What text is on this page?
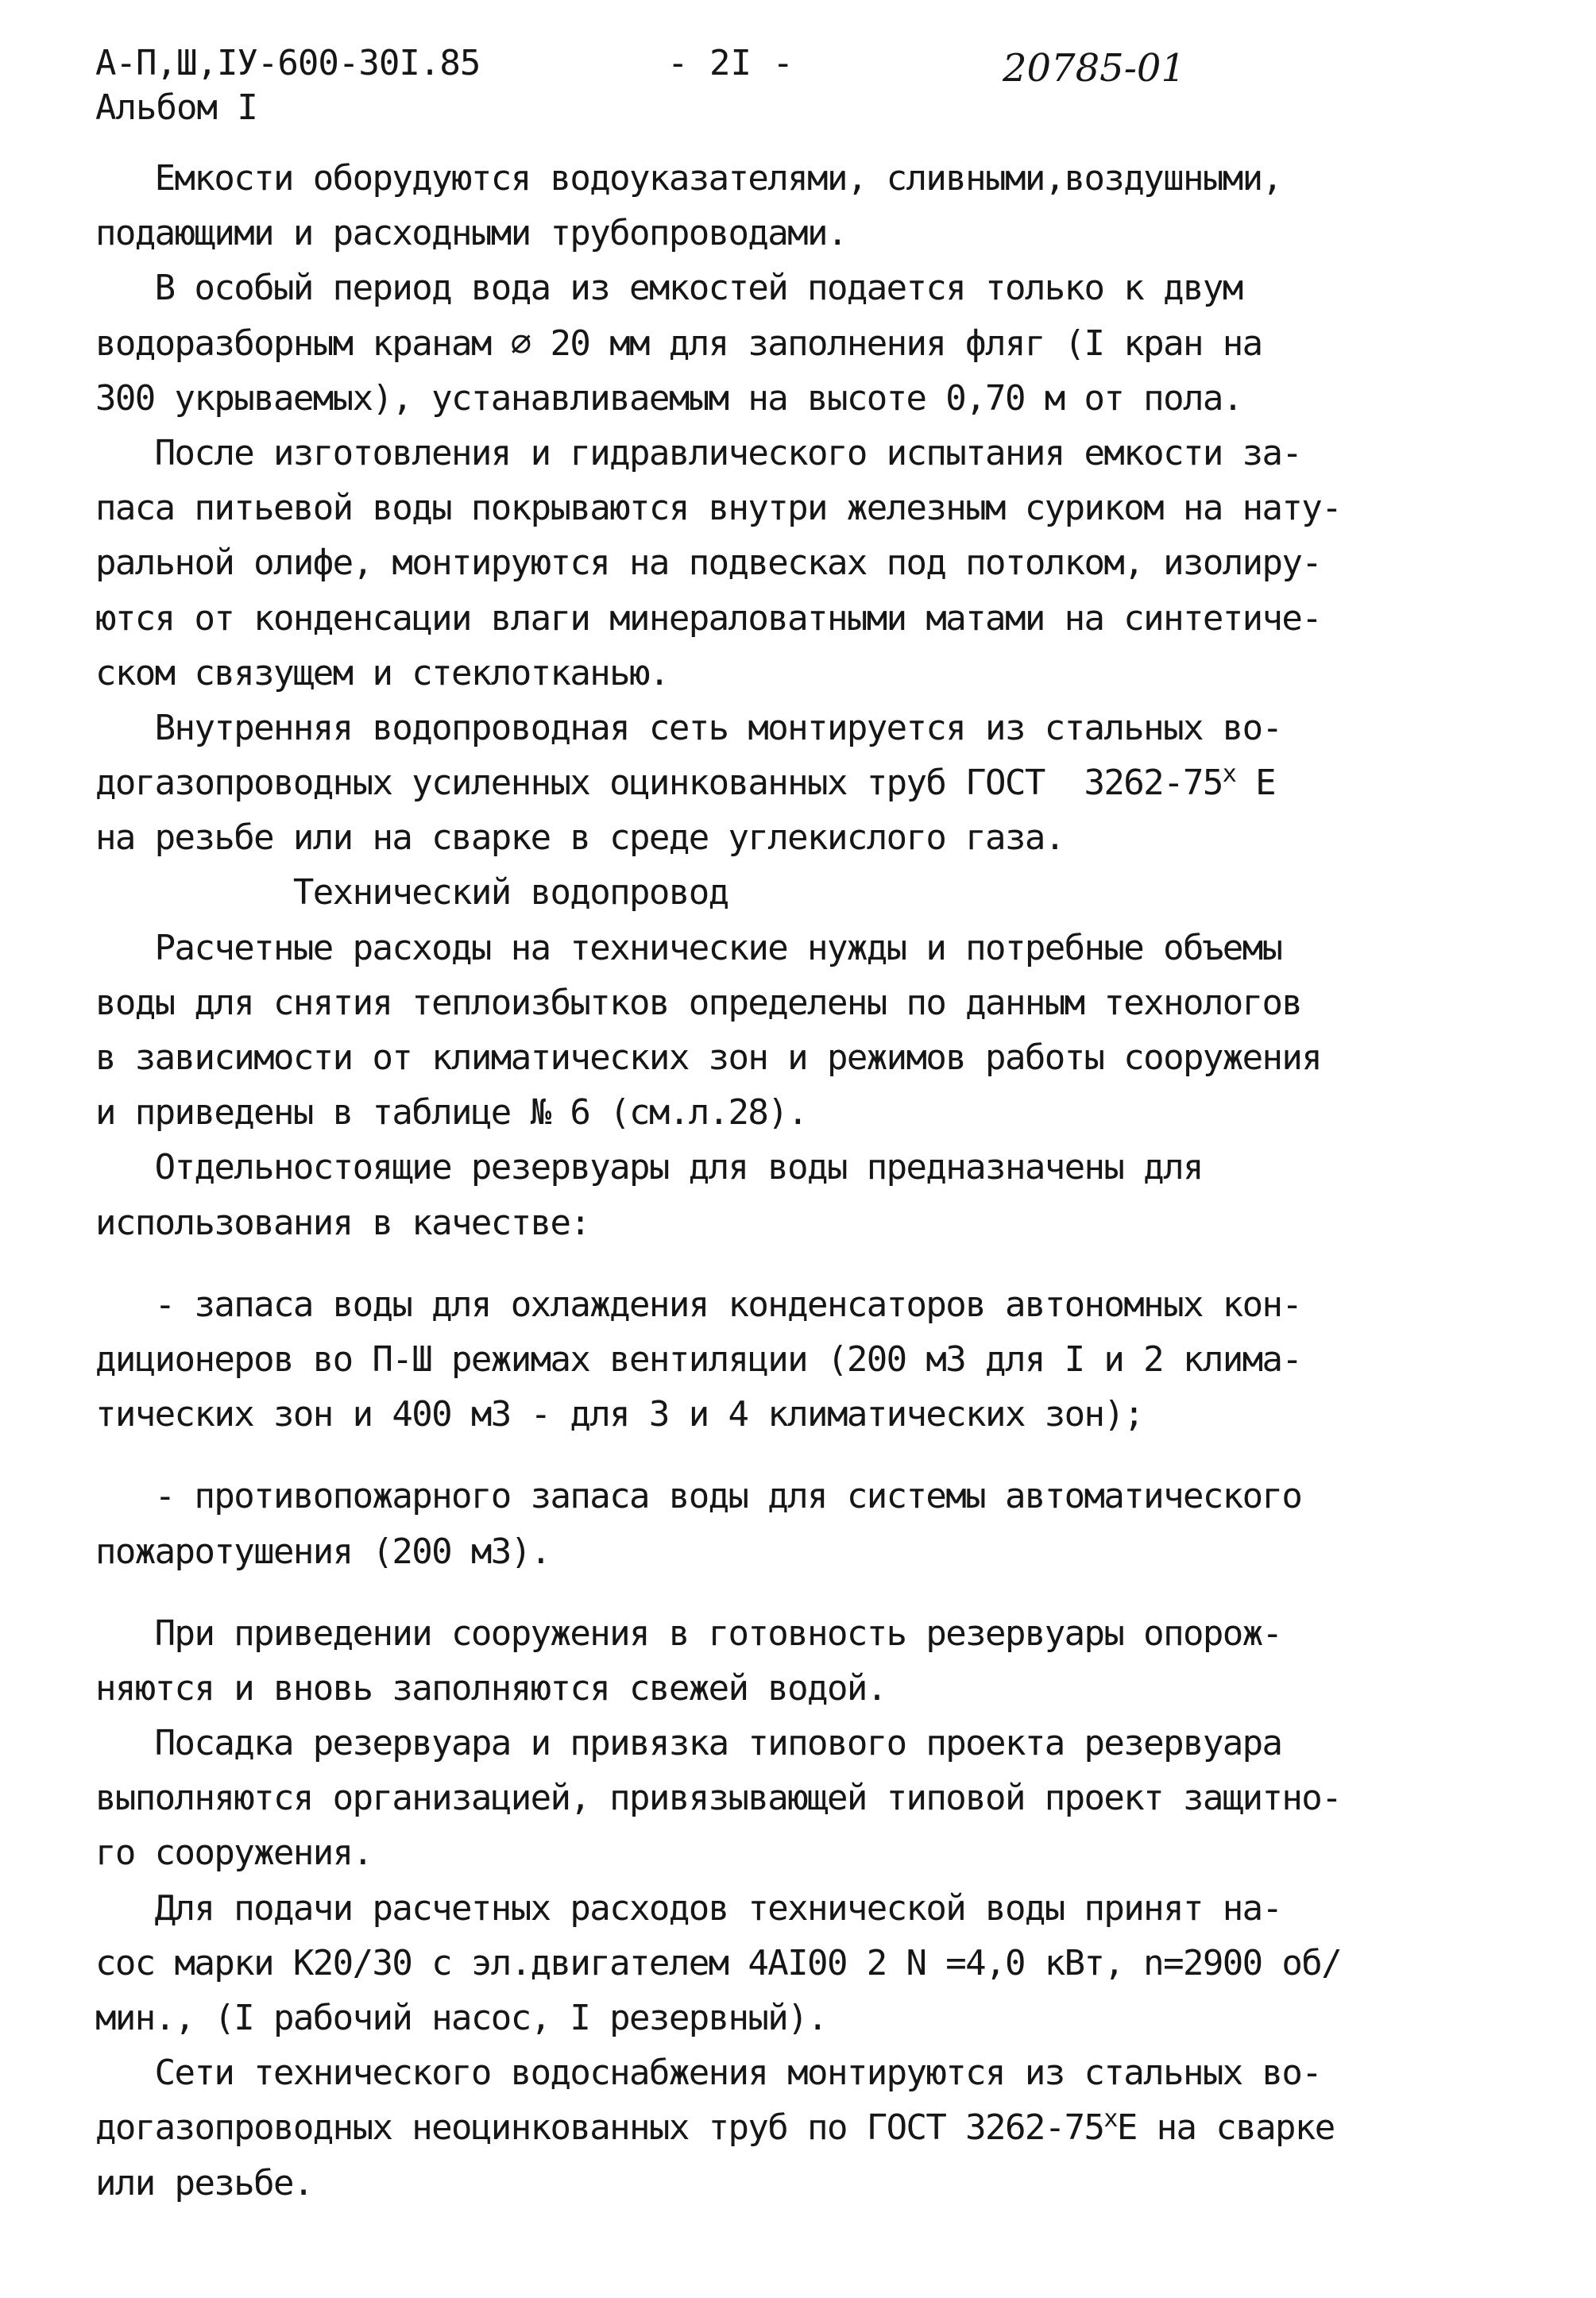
А-П,Ш,IУ-600-30I.85
Альбом I
- 2I -	20785-01
Емкости оборудуются водоуказателями, сливными,воздушными,
подающими и расходными трубопроводами.
В особый период вода из емкостей подается только к двум
водоразборным кранам ∅ 20 мм для заполнения фляг (I кран на
300 укрываемых), устанавливаемым на высоте 0,70 м от пола.
После изготовления и гидравлического испытания емкости за-
паса питьевой воды покрываются внутри железным суриком на нату-
ральной олифе, монтируются на подвесках под потолком, изолиру-
ются от конденсации влаги минераловатными матами на синтетиче-
ском связущем и стеклотканью.
Внутренняя водопроводная сеть монтируется из стальных во-
догазопроводных усиленных оцинкованных труб ГОСТ  $3262-75^х$ Е
на резьбе или на сварке в среде углекислого газа.
Технический водопровод
Расчетные расходы на технические нужды и потребные объемы
воды для снятия теплоизбытков определены по данным технологов
в зависимости от климатических зон и режимов работы сооружения
и приведены в таблице № 6 (см.л.28).
Отдельностоящие резервуары для воды предназначены для
использования в качестве:
- запаса воды для охлаждения конденсаторов автономных кон-
диционеров во П-Ш режимах вентиляции (200 м3 для I и 2 клима-
тических зон и 400 м3 - для 3 и 4 климатических зон);
- противопожарного запаса воды для системы автоматического
пожаротушения (200 м3).
При приведении сооружения в готовность резервуары опорож-
няются и вновь заполняются свежей водой.
Посадка резервуара и привязка типового проекта резервуара
выполняются организацией, привязывающей типовой проект защитно-
го сооружения.
Для подачи расчетных расходов технической воды принят на-
сос марки К20/30 с эл.двигателем 4АI00 2 N =4,0 кВт, n=2900 об/
мин., (I рабочий насос, I резервный).
Сети технического водоснабжения монтируются из стальных во-
догазопроводных неоцинкованных труб по ГОСТ $3262-75^хЕ$ на сварке
или резьбе.
